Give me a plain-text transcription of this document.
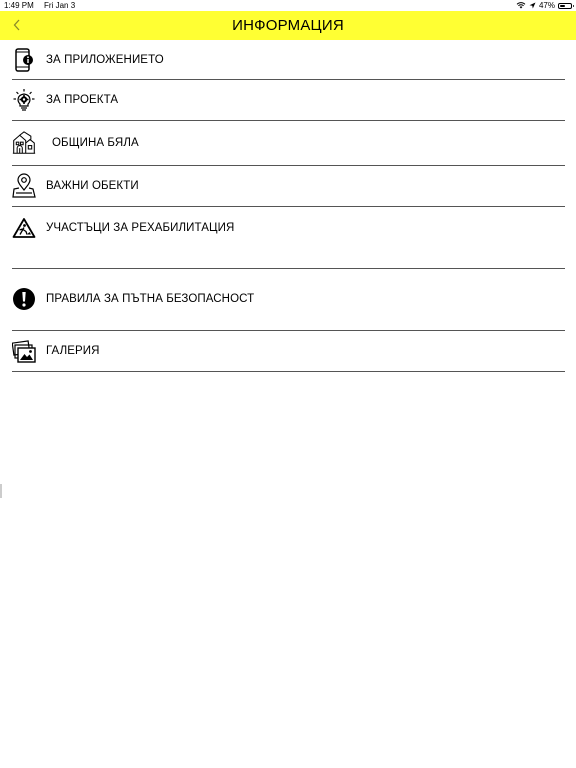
1:49 PM Fri Jan 3	47%
ИНФОРМАЦИЯ
ЗА ПРИЛОЖЕНИЕТО
ЗА ПРОЕКТА
ОБЩИНА БЯЛА
ВАЖНИ ОБЕКТИ
УЧАСТЪЦИ ЗА РЕХАБИЛИТАЦИЯ
ПРАВИЛА ЗА ПЪТНА БЕЗОПАСНОСТ
ГАЛЕРИЯ
